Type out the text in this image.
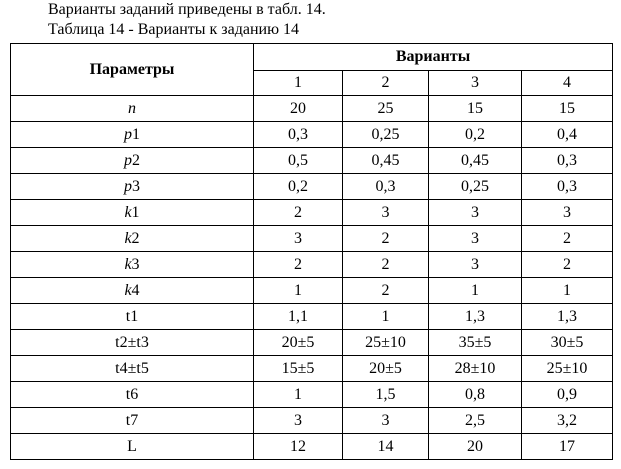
Варианты заданий приведены в табл. 14.
Таблица 14 - Варианты к заданию 14
Параметры	Варианты			
	1	2	3	4
n	20	25	15	15
p1	0,3	0,25	0,2	0,4
p2	0,5	0,45	0,45	0,3
p3	0,2	0,3	0,25	0,3
k1	2	3	3	3
k2	3	2	3	2
k3	2	2	3	2
k4	1	2	1	1
t1	1,1	1	1,3	1,3
t2±t3	20±5	25±10	35±5	30±5
t4±t5	15±5	20±5	28±10	25±10
t6	1	1,5	0,8	0,9
t7	3	3	2,5	3,2
L	12	14	20	17
